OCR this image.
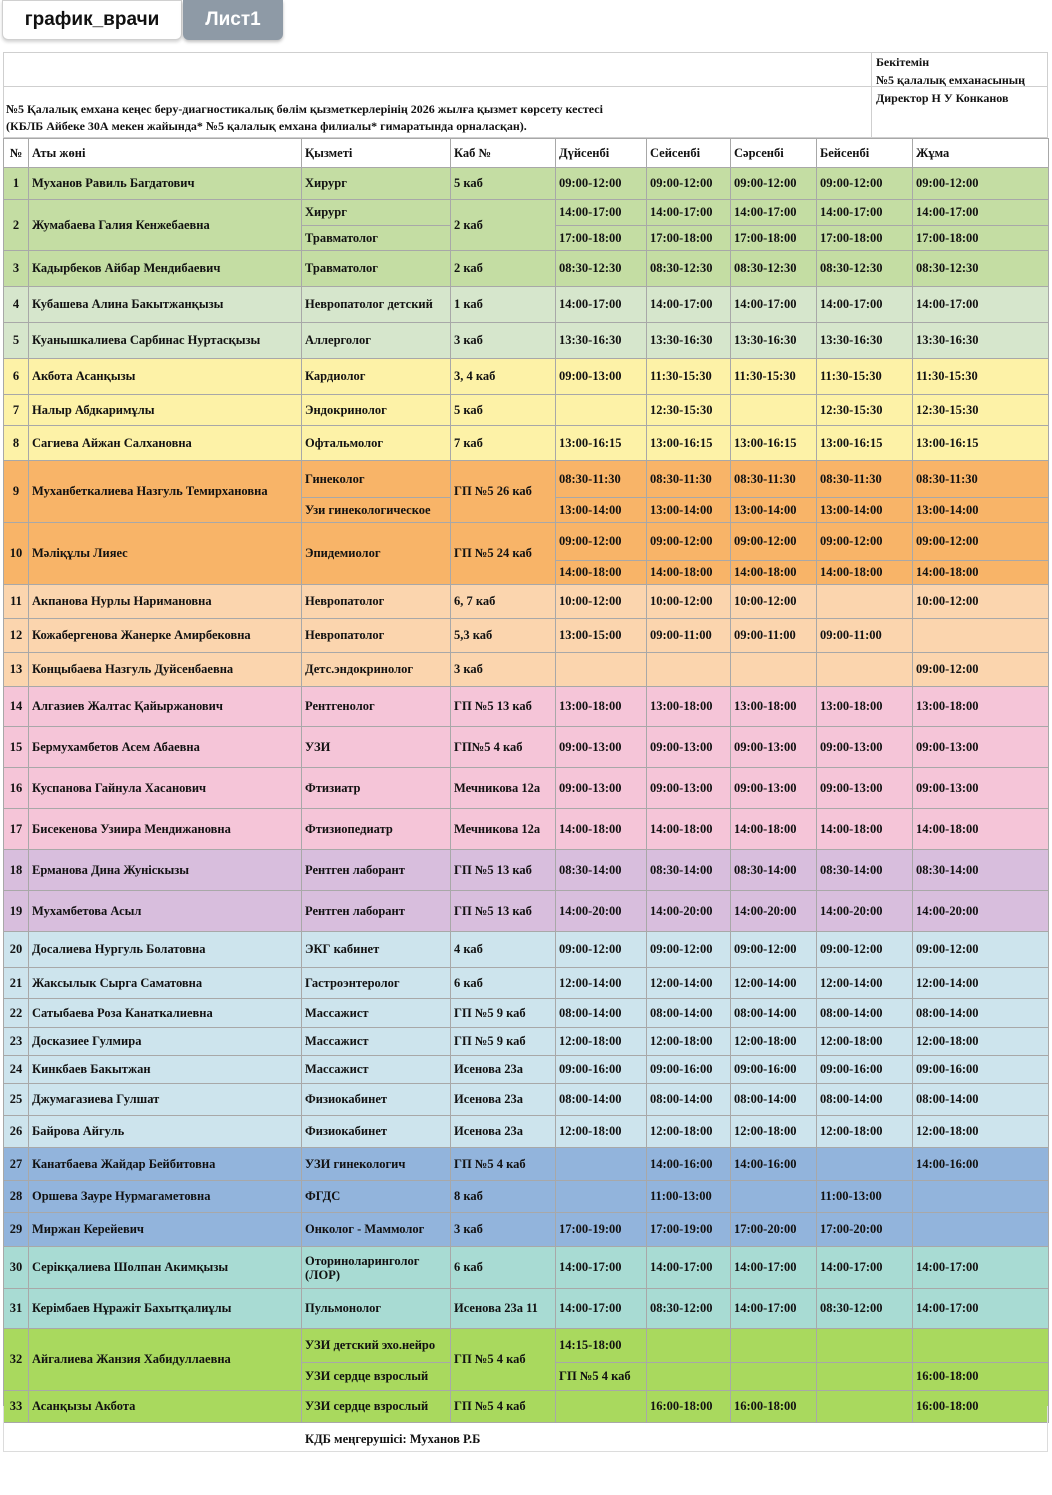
график_врачи Лист1
Бекітемін
№5 қалалық емханасының
Директор Н У Конканов
№5 Қалалық емхана кеңес беру-диагностикалық бөлім қызметкерлерінің 2026 жылға қызмет көрсету кестесі
(КБЛБ Айбеке 30А мекен жайында* №5 қалалық емхана филиалы* гимаратында орналасқан).
№	Аты жөні	Қызметі	Каб №	Дүйсенбі	Сейсенбі	Сәрсенбі	Бейсенбі	Жұма	
1	Муханов Равиль Багдатович	Хирург	5 каб	09:00-12:00	09:00-12:00	09:00-12:00	09:00-12:00	09:00-12:00	
2	Жумабаева Галия Кенжебаевна	Хирург	2 каб	14:00-17:00	14:00-17:00	14:00-17:00	14:00-17:00	14:00-17:00	
		Травматолог		17:00-18:00	17:00-18:00	17:00-18:00	17:00-18:00	17:00-18:00	
3	Кадырбеков Айбар Мендибаевич	Травматолог	2 каб	08:30-12:30	08:30-12:30	08:30-12:30	08:30-12:30	08:30-12:30	
4	Кубашева Алина Бакытжанқызы	Невропатолог детский	1 каб	14:00-17:00	14:00-17:00	14:00-17:00	14:00-17:00	14:00-17:00	
5	Куанышкалиева Сарбинас Нуртасқызы	Аллерголог	3 каб	13:30-16:30	13:30-16:30	13:30-16:30	13:30-16:30	13:30-16:30	
6	Акбота Асанқызы	Кардиолог	3, 4 каб	09:00-13:00	11:30-15:30	11:30-15:30	11:30-15:30	11:30-15:30	
7	Налыр Абдкаримұлы	Эндокринолог	5 каб		12:30-15:30		12:30-15:30	12:30-15:30	
8	Сагиева Айжан Салхановна	Офтальмолог	7 каб	13:00-16:15	13:00-16:15	13:00-16:15	13:00-16:15	13:00-16:15	
9	Муханбеткалиева Назгуль Темирхановна	Гинеколог	ГП №5 26 каб	08:30-11:30	08:30-11:30	08:30-11:30	08:30-11:30	08:30-11:30	
		Узи гинекологическое		13:00-14:00	13:00-14:00	13:00-14:00	13:00-14:00	13:00-14:00	
10	Мәліқұлы Лияес	Эпидемиолог	ГП №5 24 каб	09:00-12:00	09:00-12:00	09:00-12:00	09:00-12:00	09:00-12:00	
				14:00-18:00	14:00-18:00	14:00-18:00	14:00-18:00	14:00-18:00	
11	Акпанова Нурлы Наримановна	Невропатолог	6, 7 каб	10:00-12:00	10:00-12:00	10:00-12:00		10:00-12:00	
12	Кожабергенова Жанерке Амирбековна	Невропатолог	5,3 каб	13:00-15:00	09:00-11:00	09:00-11:00	09:00-11:00		
13	Концыбаева Назгуль Дуйсенбаевна	Детс.эндокринолог	3 каб					09:00-12:00	
14	Алгазиев Жалтас Қайыржанович	Рентгенолог	ГП №5 13 каб	13:00-18:00	13:00-18:00	13:00-18:00	13:00-18:00	13:00-18:00	
15	Бермухамбетов Асем Абаевна	УЗИ	ГП№5 4 каб	09:00-13:00	09:00-13:00	09:00-13:00	09:00-13:00	09:00-13:00	
16	Куспанова Гайнула Хасанович	Фтизиатр	Мечникова 12а	09:00-13:00	09:00-13:00	09:00-13:00	09:00-13:00	09:00-13:00	
17	Бисекенова Узиира Мендижановна	Фтизиопедиатр	Мечникова 12а	14:00-18:00	14:00-18:00	14:00-18:00	14:00-18:00	14:00-18:00	
18	Ерманова Дина Жуніскызы	Рентген лаборант	ГП №5 13 каб	08:30-14:00	08:30-14:00	08:30-14:00	08:30-14:00	08:30-14:00	
19	Мухамбетова Асыл	Рентген лаборант	ГП №5 13 каб	14:00-20:00	14:00-20:00	14:00-20:00	14:00-20:00	14:00-20:00	
20	Досалиева Нургуль Болатовна	ЭКГ кабинет	4 каб	09:00-12:00	09:00-12:00	09:00-12:00	09:00-12:00	09:00-12:00	
21	Жаксылык Сырга Саматовна	Гастроэнтеролог	6 каб	12:00-14:00	12:00-14:00	12:00-14:00	12:00-14:00	12:00-14:00	
22	Сатыбаева Роза Канаткалиевна	Массажист	ГП №5 9 каб	08:00-14:00	08:00-14:00	08:00-14:00	08:00-14:00	08:00-14:00	
23	Досказиее Гулмира	Массажист	ГП №5 9 каб	12:00-18:00	12:00-18:00	12:00-18:00	12:00-18:00	12:00-18:00	
24	Кинкбаев Бакытжан	Массажист	Исенова 23а	09:00-16:00	09:00-16:00	09:00-16:00	09:00-16:00	09:00-16:00	
25	Джумагазиева Гулшат	Физиокабинет	Исенова 23а	08:00-14:00	08:00-14:00	08:00-14:00	08:00-14:00	08:00-14:00	
26	Байрова Айгуль	Физиокабинет	Исенова 23а	12:00-18:00	12:00-18:00	12:00-18:00	12:00-18:00	12:00-18:00	
27	Канатбаева Жайдар Бейбитовна	УЗИ гинекологич	ГП №5 4 каб		14:00-16:00	14:00-16:00		14:00-16:00	
28	Оршева Зауре Нурмагаметовна	ФГДС	8 каб		11:00-13:00		11:00-13:00		
29	Миржан Керейевич	Онколог - Маммолог	3 каб	17:00-19:00	17:00-19:00	17:00-20:00	17:00-20:00		
30	Серікқалиева Шолпан Акимқызы	Оториноларинголог (ЛОР)	6 каб	14:00-17:00	14:00-17:00	14:00-17:00	14:00-17:00	14:00-17:00	
31	Керімбаев Нұражіт Бахытқалиұлы	Пульмонолог	Исенова 23а 11	14:00-17:00	08:30-12:00	14:00-17:00	08:30-12:00	14:00-17:00	
32	Айгалиева Жанзия Хабидуллаевна	УЗИ детский эхо.нейро	ГП №5 4 каб	14:15-18:00					
		УЗИ сердце взрослый		ГП №5 4 каб				16:00-18:00	
33	Асанқызы Акбота	УЗИ сердце взрослый	ГП №5 4 каб		16:00-18:00	16:00-18:00		16:00-18:00	
КДБ меңгерушісі: Муханов Р.Б
